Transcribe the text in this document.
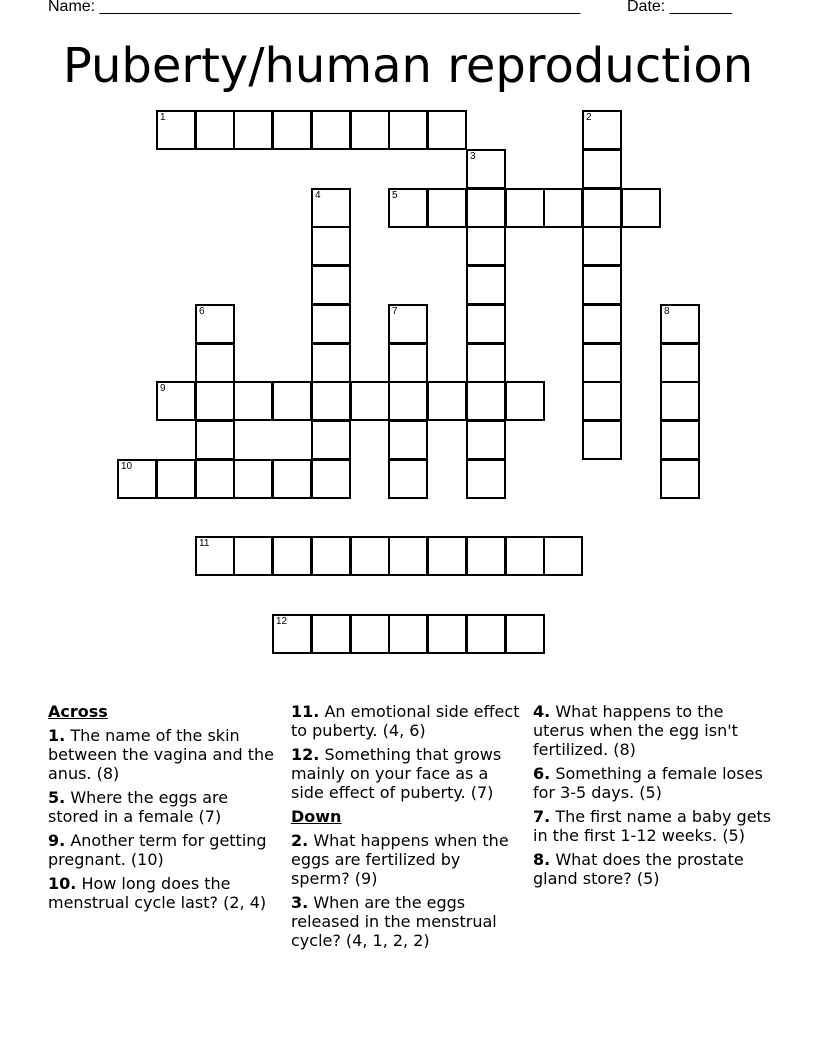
Name: ______________________________________________________	Date: _______
Puberty/human reproduction
1	2
3
4	5
6	7	8
9
10
11
12
Across
1. The name of the skin between the vagina and the anus. (8)
5. Where the eggs are stored in a female (7)
9. Another term for getting pregnant. (10)
10. How long does the menstrual cycle last? (2, 4)
11. An emotional side effect to puberty. (4, 6)
12. Something that grows mainly on your face as a side effect of puberty. (7)
Down
2. What happens when the eggs are fertilized by sperm? (9)
3. When are the eggs released in the menstrual cycle? (4, 1, 2, 2)
4. What happens to the uterus when the egg isn't fertilized. (8)
6. Something a female loses for 3-5 days. (5)
7. The first name a baby gets in the first 1-12 weeks. (5)
8. What does the prostate gland store? (5)
